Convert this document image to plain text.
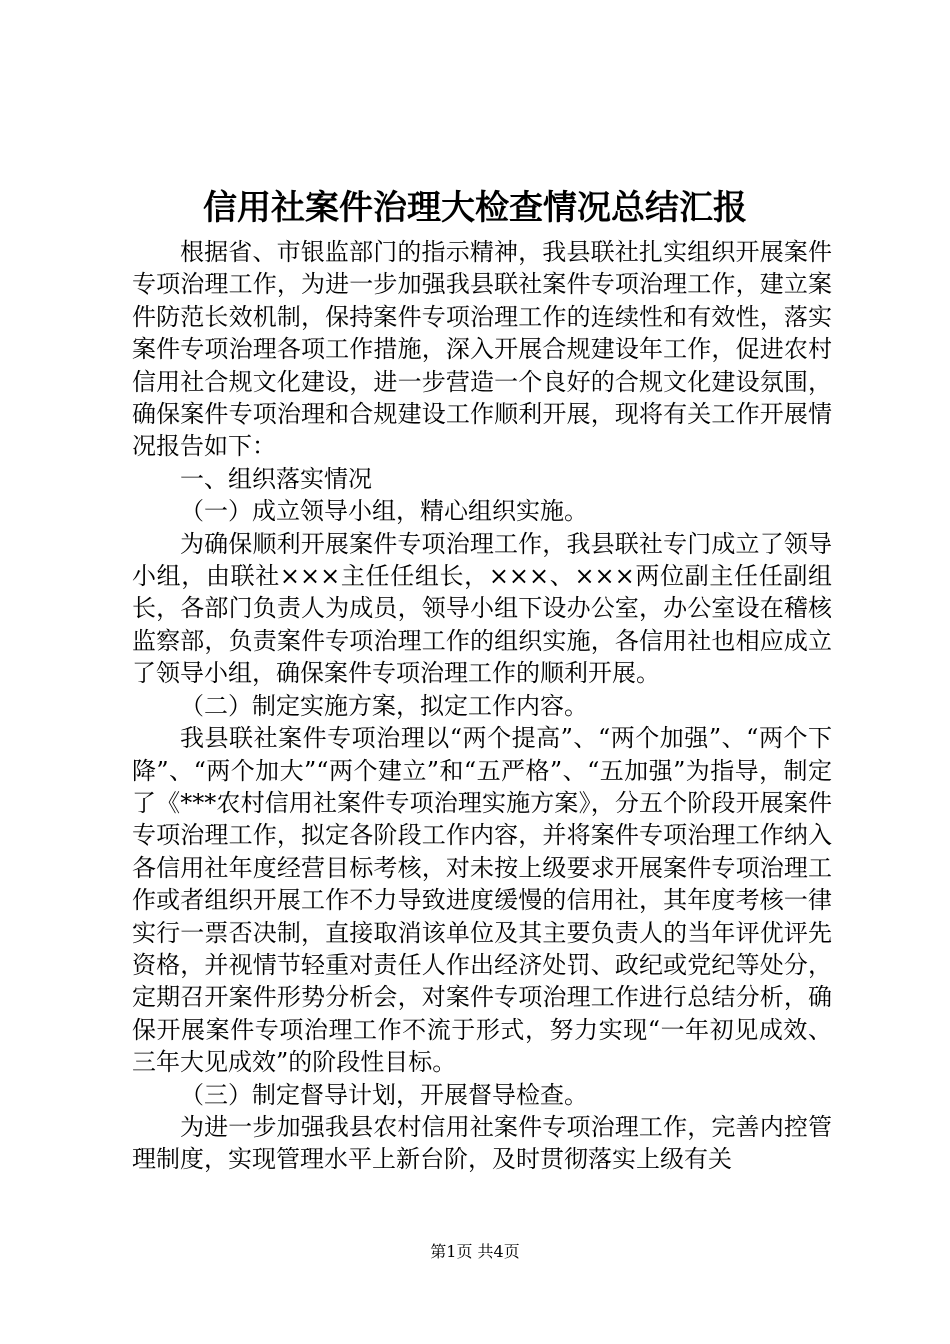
信用社案件治理大检查情况总结汇报

根据省、市银监部门的指示精神，我县联社扎实组织开展案件专项治理工作，为进一步加强我县联社案件专项治理工作，建立案件防范长效机制，保持案件专项治理工作的连续性和有效性，落实案件专项治理各项工作措施，深入开展合规建设年工作，促进农村信用社合规文化建设，进一步营造一个良好的合规文化建设氛围，确保案件专项治理和合规建设工作顺利开展，现将有关工作开展情况报告如下：

一、组织落实情况

（一）成立领导小组，精心组织实施。

为确保顺利开展案件专项治理工作，我县联社专门成立了领导小组，由联社×××主任任组长，×××、×××两位副主任任副组长，各部门负责人为成员，领导小组下设办公室，办公室设在稽核监察部，负责案件专项治理工作的组织实施，各信用社也相应成立了领导小组，确保案件专项治理工作的顺利开展。

（二）制定实施方案，拟定工作内容。

我县联社案件专项治理以“两个提高”、“两个加强”、“两个下降”、“两个加大”“两个建立”和“五严格”、“五加强”为指导，制定了《***农村信用社案件专项治理实施方案》，分五个阶段开展案件专项治理工作，拟定各阶段工作内容，并将案件专项治理工作纳入各信用社年度经营目标考核，对未按上级要求开展案件专项治理工作或者组织开展工作不力导致进度缓慢的信用社，其年度考核一律实行一票否决制，直接取消该单位及其主要负责人的当年评优评先资格，并视情节轻重对责任人作出经济处罚、政纪或党纪等处分，定期召开案件形势分析会，对案件专项治理工作进行总结分析，确保开展案件专项治理工作不流于形式，努力实现“一年初见成效、三年大见成效”的阶段性目标。

（三）制定督导计划，开展督导检查。

为进一步加强我县农村信用社案件专项治理工作，完善内控管理制度，实现管理水平上新台阶，及时贯彻落实上级有关

第1页 共4页
